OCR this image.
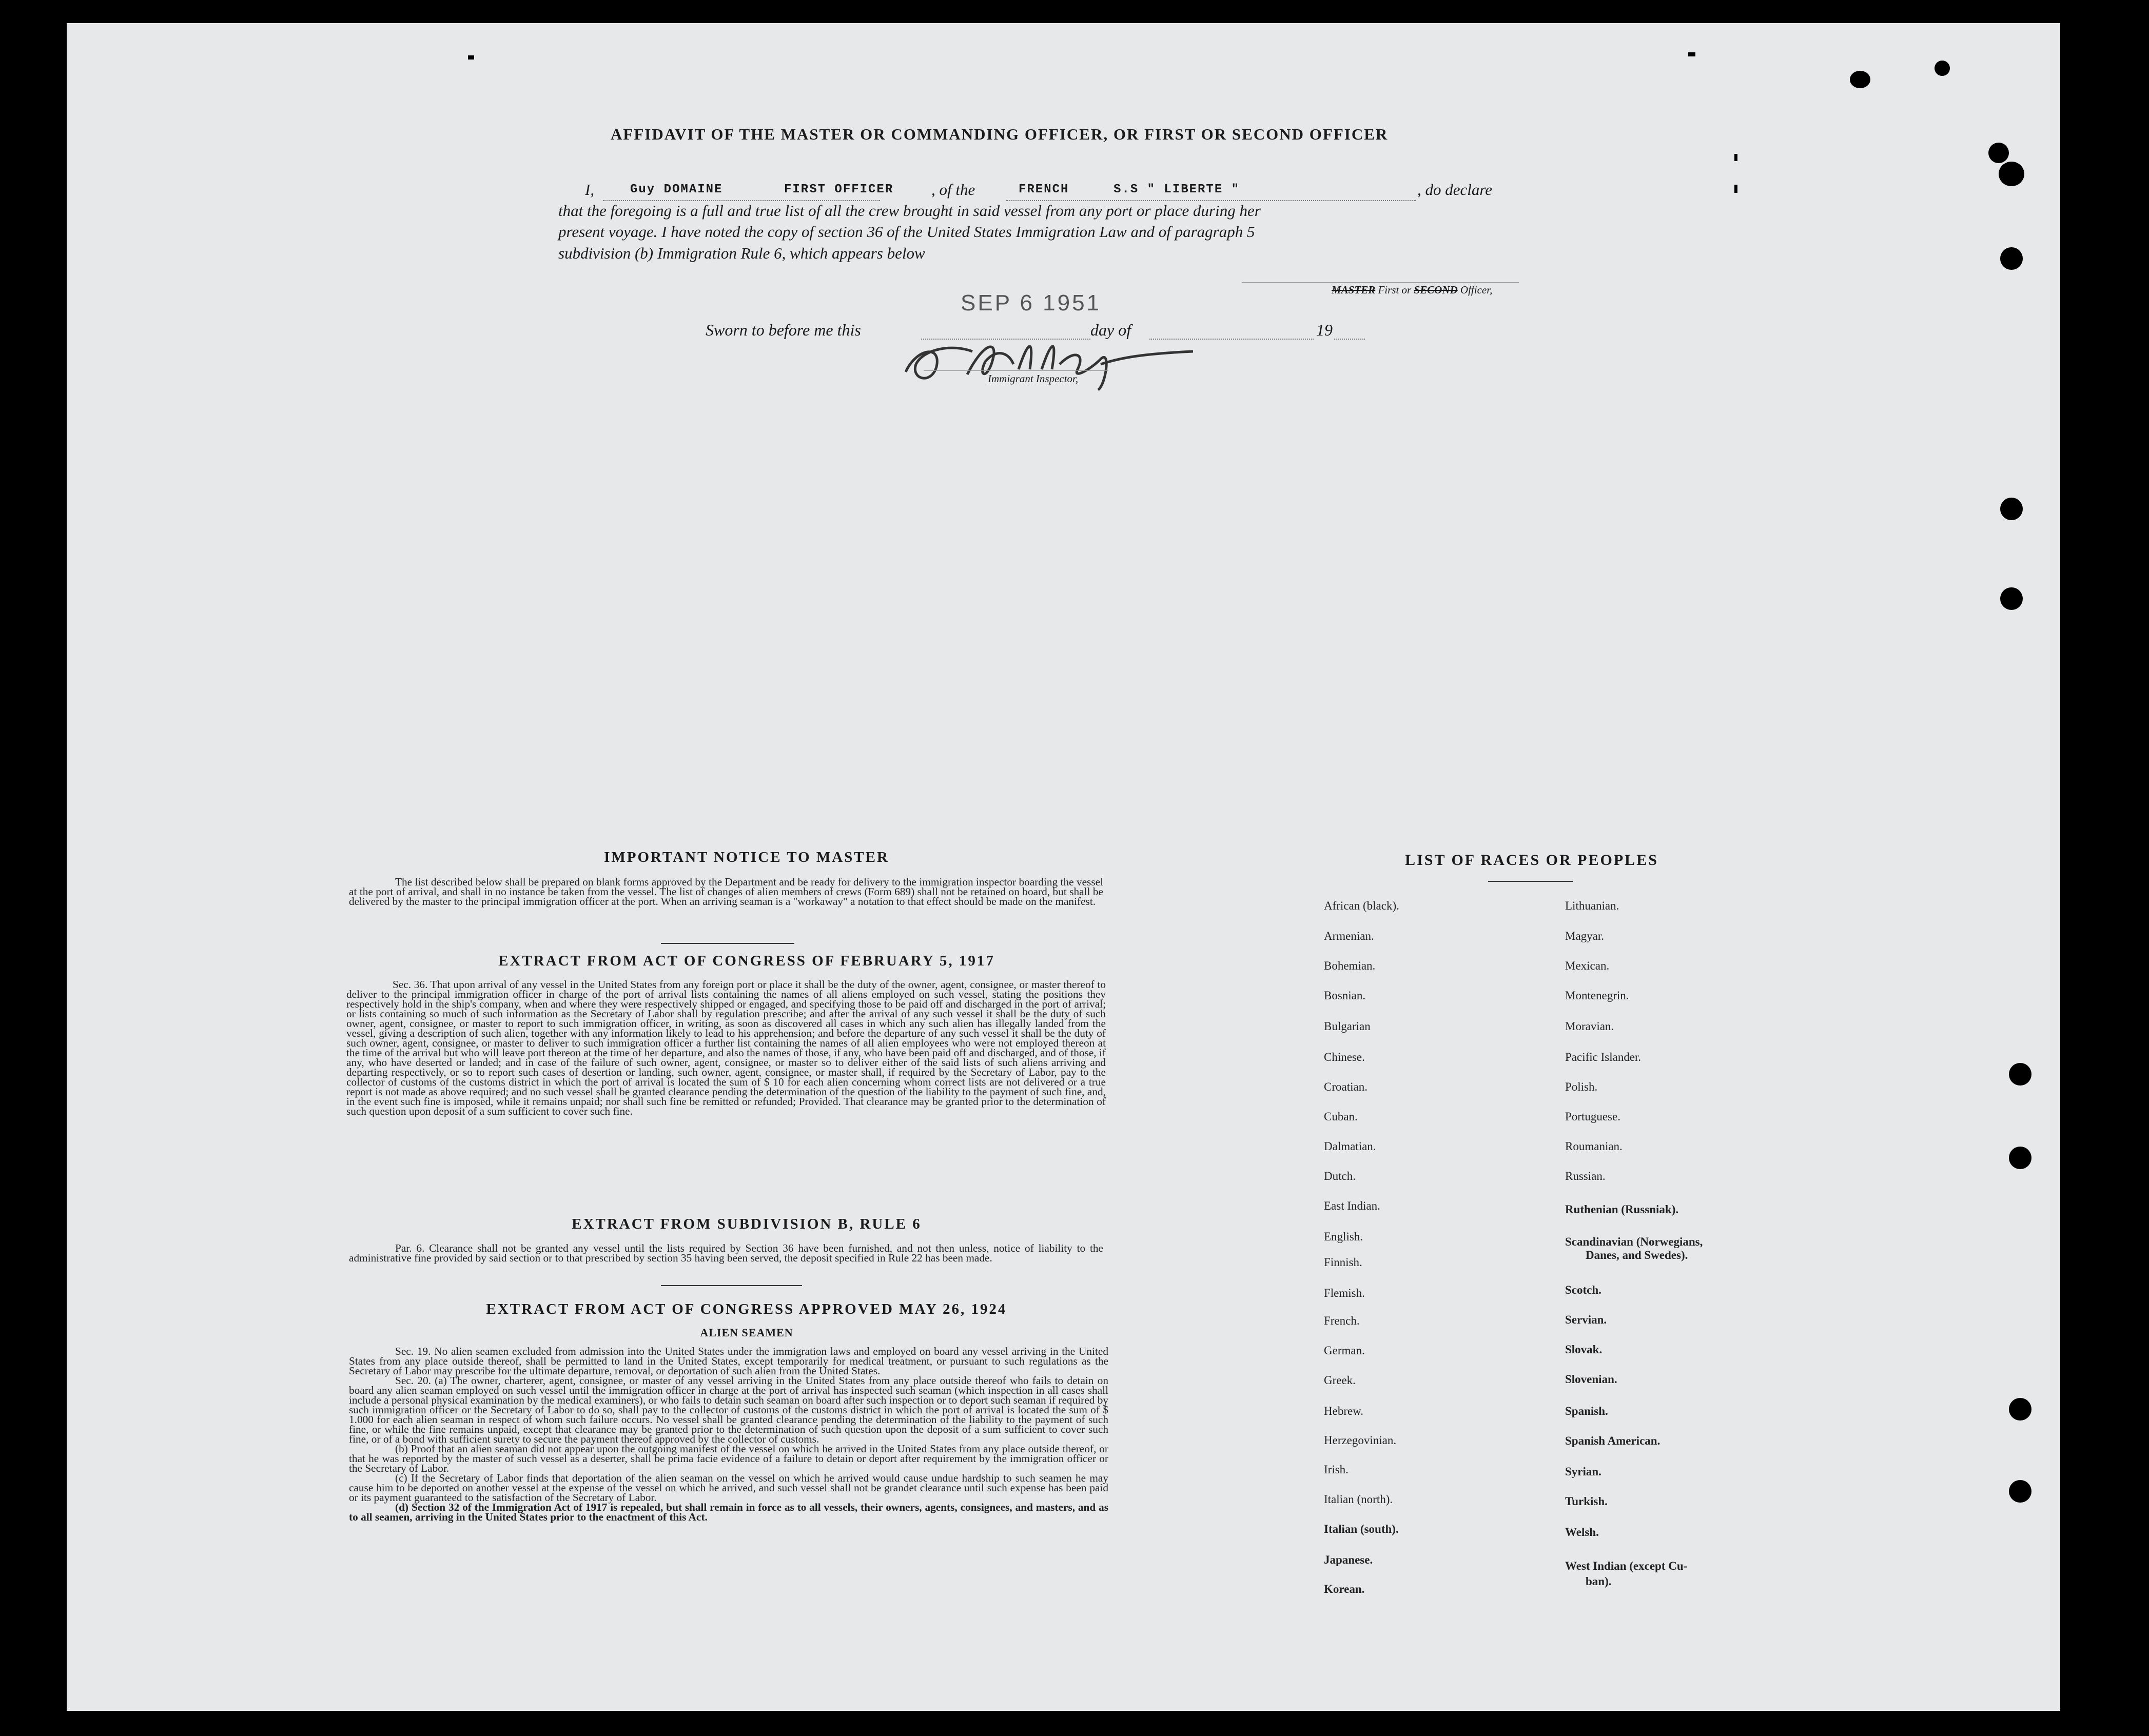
AFFIDAVIT OF THE MASTER OR COMMANDING OFFICER, OR FIRST OR SECOND OFFICER
I,	Guy DOMAINE	FIRST OFFICER , of the	FRENCH	S.S " LIBERTE "	, do declare
that the foregoing is a full and true list of all the crew brought in said vessel from any port or place during her
present voyage. I have noted the copy of section 36 of the United States Immigration Law and of paragraph 5
subdivision (b) Immigration Rule 6, which appears below
MASTER First or SECOND Officer,
SEP 6 1951
Sworn to before me this	day of	19
Immigrant Inspector,
IMPORTANT NOTICE TO MASTER
The list described below shall be prepared on blank forms approved by the Department and be ready for delivery to the immigration inspector boarding the vessel at the port of arrival, and shall in no instance be taken from the vessel. The list of changes of alien members of crews (Form 689) shall not be retained on board, but shall be delivered by the master to the principal immigration officer at the port. When an arriving seaman is a "workaway" a notation to that effect should be made on the manifest.
EXTRACT FROM ACT OF CONGRESS OF FEBRUARY 5, 1917
Sec. 36. That upon arrival of any vessel in the United States from any foreign port or place it shall be the duty of the owner, agent, consignee, or master thereof to deliver to the principal immigration officer in charge of the port of arrival lists containing the names of all aliens employed on such vessel, stating the positions they respectively hold in the ship's company, when and where they were respectively shipped or engaged, and specifying those to be paid off and discharged in the port of arrival; or lists containing so much of such information as the Secretary of Labor shall by regulation prescribe; and after the arrival of any such vessel it shall be the duty of such owner, agent, consignee, or master to report to such immigration officer, in writing, as soon as discovered all cases in which any such alien has illegally landed from the vessel, giving a description of such alien, together with any information likely to lead to his apprehension; and before the departure of any such vessel it shall be the duty of such owner, agent, consignee, or master to deliver to such immigration officer a further list containing the names of all alien employees who were not employed thereon at the time of the arrival but who will leave port thereon at the time of her departure, and also the names of those, if any, who have been paid off and discharged, and of those, if any, who have deserted or landed; and in case of the failure of such owner, agent, consignee, or master so to deliver either of the said lists of such aliens arriving and departing respectively, or so to report such cases of desertion or landing, such owner, agent, consignee, or master shall, if required by the Secretary of Labor, pay to the collector of customs of the customs district in which the port of arrival is located the sum of $ 10 for each alien concerning whom correct lists are not delivered or a true report is not made as above required; and no such vessel shall be granted clearance pending the determination of the question of the liability to the payment of such fine, and, in the event such fine is imposed, while it remains unpaid; nor shall such fine be remitted or refunded; Provided. That clearance may be granted prior to the determination of such question upon deposit of a sum sufficient to cover such fine.
EXTRACT FROM SUBDIVISION B, RULE 6
Par. 6. Clearance shall not be granted any vessel until the lists required by Section 36 have been furnished, and not then unless, notice of liability to the administrative fine provided by said section or to that prescribed by section 35 having been served, the deposit specified in Rule 22 has been made.
EXTRACT FROM ACT OF CONGRESS APPROVED MAY 26, 1924
ALIEN SEAMEN

Sec. 19. No alien seamen excluded from admission into the United States under the immigration laws and employed on board any vessel arriving in the United States from any place outside thereof, shall be permitted to land in the United States, except temporarily for medical treatment, or pursuant to such regulations as the Secretary of Labor may prescribe for the ultimate departure, removal, or deportation of such alien from the United States.

Sec. 20. (a) The owner, charterer, agent, consignee, or master of any vessel arriving in the United States from any place outside thereof who fails to detain on board any alien seaman employed on such vessel until the immigration officer in charge at the port of arrival has inspected such seaman (which inspection in all cases shall include a personal physical examination by the medical examiners), or who fails to detain such seaman on board after such inspection or to deport such seaman if required by such immigration officer or the Secretary of Labor to do so, shall pay to the collector of customs of the customs district in which the port of arrival is located the sum of $ 1.000 for each alien seaman in respect of whom such failure occurs. No vessel shall be granted clearance pending the determination of the liability to the payment of such fine, or while the fine remains unpaid, except that clearance may be granted prior to the determination of such question upon the deposit of a sum sufficient to cover such fine, or of a bond with sufficient surety to secure the payment thereof approved by the collector of customs.

(b) Proof that an alien seaman did not appear upon the outgoing manifest of the vessel on which he arrived in the United States from any place outside thereof, or that he was reported by the master of such vessel as a deserter, shall be prima facie evidence of a failure to detain or deport after requirement by the immigration officer or the Secretary of Labor.

(c) If the Secretary of Labor finds that deportation of the alien seaman on the vessel on which he arrived would cause undue hardship to such seamen he may cause him to be deported on another vessel at the expense of the vessel on which he arrived, and such vessel shall not be grandet clearance until such expense has been paid or its payment guaranteed to the satisfaction of the Secretary of Labor.

(d) Section 32 of the Immigration Act of 1917 is repealed, but shall remain in force as to all vessels, their owners, agents, consignees, and masters, and as to all seamen, arriving in the United States prior to the enactment of this Act.

LIST OF RACES OR PEOPLES
African (black).
Armenian.
Bohemian.
Bosnian.
Bulgarian
Chinese.
Croatian.
Cuban.
Dalmatian.
Dutch.
East Indian.
English.
Finnish.
Flemish.
French.
German.
Greek.
Hebrew.
Herzegovinian.
Irish.
Italian (north).
Italian (south).
Japanese.
Korean.
Lithuanian.
Magyar.
Mexican.
Montenegrin.
Moravian.
Pacific Islander.
Polish.
Portuguese.
Roumanian.
Russian.
Ruthenian (Russniak).
Scandinavian (Norwegians,
Danes, and Swedes).
Scotch.
Servian.
Slovak.
Slovenian.
Spanish.
Spanish American.
Syrian.
Turkish.
Welsh.
West Indian (except Cu-
ban).
